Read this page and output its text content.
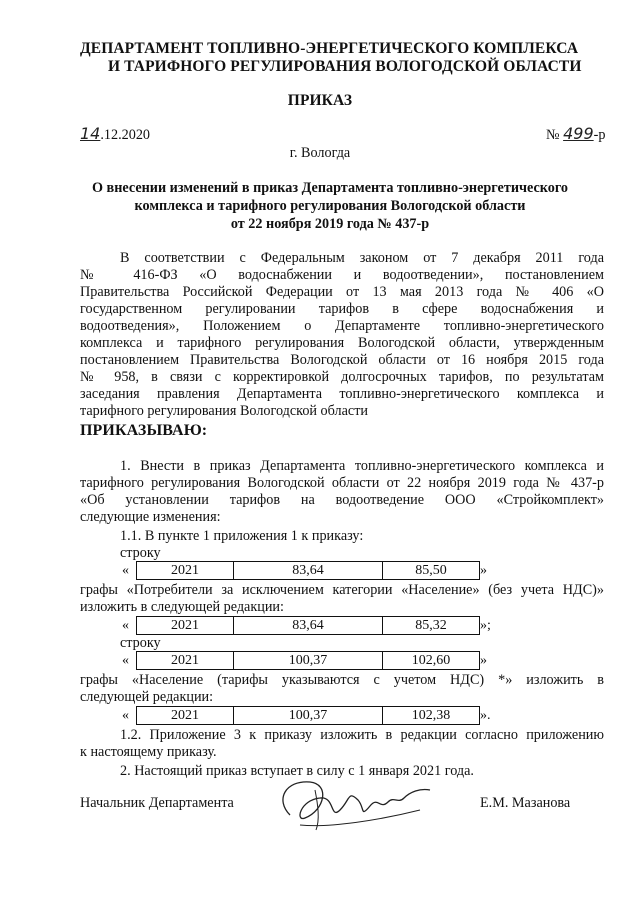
ДЕПАРТАМЕНТ ТОПЛИВНО-ЭНЕРГЕТИЧЕСКОГО КОМПЛЕКСА
И ТАРИФНОГО РЕГУЛИРОВАНИЯ ВОЛОГОДСКОЙ ОБЛАСТИ
ПРИКАЗ
14.12.2020	№ 499-р
г. Вологда
О внесении изменений в приказ Департамента топливно-энергетического
комплекса и тарифного регулирования Вологодской области
от 22 ноября 2019 года № 437-р
В соответствии с Федеральным законом от 7 декабря 2011 года
№ 416-ФЗ «О водоснабжении и водоотведении», постановлением
Правительства Российской Федерации от 13 мая 2013 года № 406 «О
государственном регулировании тарифов в сфере водоснабжения и
водоотведения», Положением о Департаменте топливно-энергетического
комплекса и тарифного регулирования Вологодской области, утвержденным
постановлением Правительства Вологодской области от 16 ноября 2015 года
№ 958, в связи с корректировкой долгосрочных тарифов, по результатам
заседания правления Департамента топливно-энергетического комплекса и
тарифного регулирования Вологодской области
ПРИКАЗЫВАЮ:
1. Внести в приказ Департамента топливно-энергетического комплекса и
тарифного регулирования Вологодской области от 22 ноября 2019 года № 437-р
«Об установлении тарифов на водоотведение ООО «Стройкомплект»
следующие изменения:
1.1. В пункте 1 приложения 1 к приказу:
строку
«	2021	83,64	85,50 »
графы «Потребители за исключением категории «Население» (без учета НДС)»
изложить в следующей редакции:
«	2021	83,64	85,32 »;
строку
«	2021	100,37	102,60 »
графы «Население (тарифы указываются с учетом НДС) *» изложить в
следующей редакции:
«	2021	100,37	102,38 ».
1.2. Приложение 3 к приказу изложить в редакции согласно приложению
к настоящему приказу.
2. Настоящий приказ вступает в силу с 1 января 2021 года.
Начальник Департамента	Е.М. Мазанова
